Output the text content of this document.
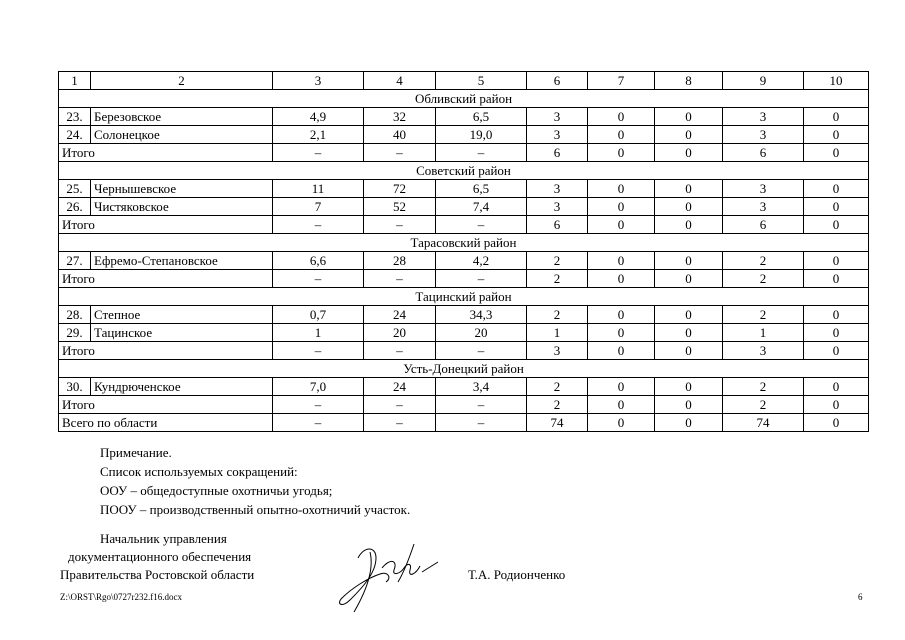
1	2	3	4	5	6	7	8	9	10
Обливский район									
23.	Березовское	4,9	32	6,5	3	0	0	3	0
24.	Солонецкое	2,1	40	19,0	3	0	0	3	0
Итого		–	–	–	6	0	0	6	0
Советский район									
25.	Чернышевское	11	72	6,5	3	0	0	3	0
26.	Чистяковское	7	52	7,4	3	0	0	3	0
Итого		–	–	–	6	0	0	6	0
Тарасовский район									
27.	Ефремо-Степановское	6,6	28	4,2	2	0	0	2	0
Итого		–	–	–	2	0	0	2	0
Тацинский район									
28.	Степное	0,7	24	34,3	2	0	0	2	0
29.	Тацинское	1	20	20	1	0	0	1	0
Итого		–	–	–	3	0	0	3	0
Усть-Донецкий район									
30.	Кундрюченское	7,0	24	3,4	2	0	0	2	0
Итого		–	–	–	2	0	0	2	0
Всего по области		–	–	–	74	0	0	74	0
Примечание.
Список используемых сокращений:
ООУ – общедоступные охотничьи угодья;
ПООУ – производственный опытно-охотничий участок.
Начальник управления
документационного обеспечения
Правительства Ростовской области	Т.А. Родионченко
Z:\ORST\Rgo\0727r232.f16.docx	6
